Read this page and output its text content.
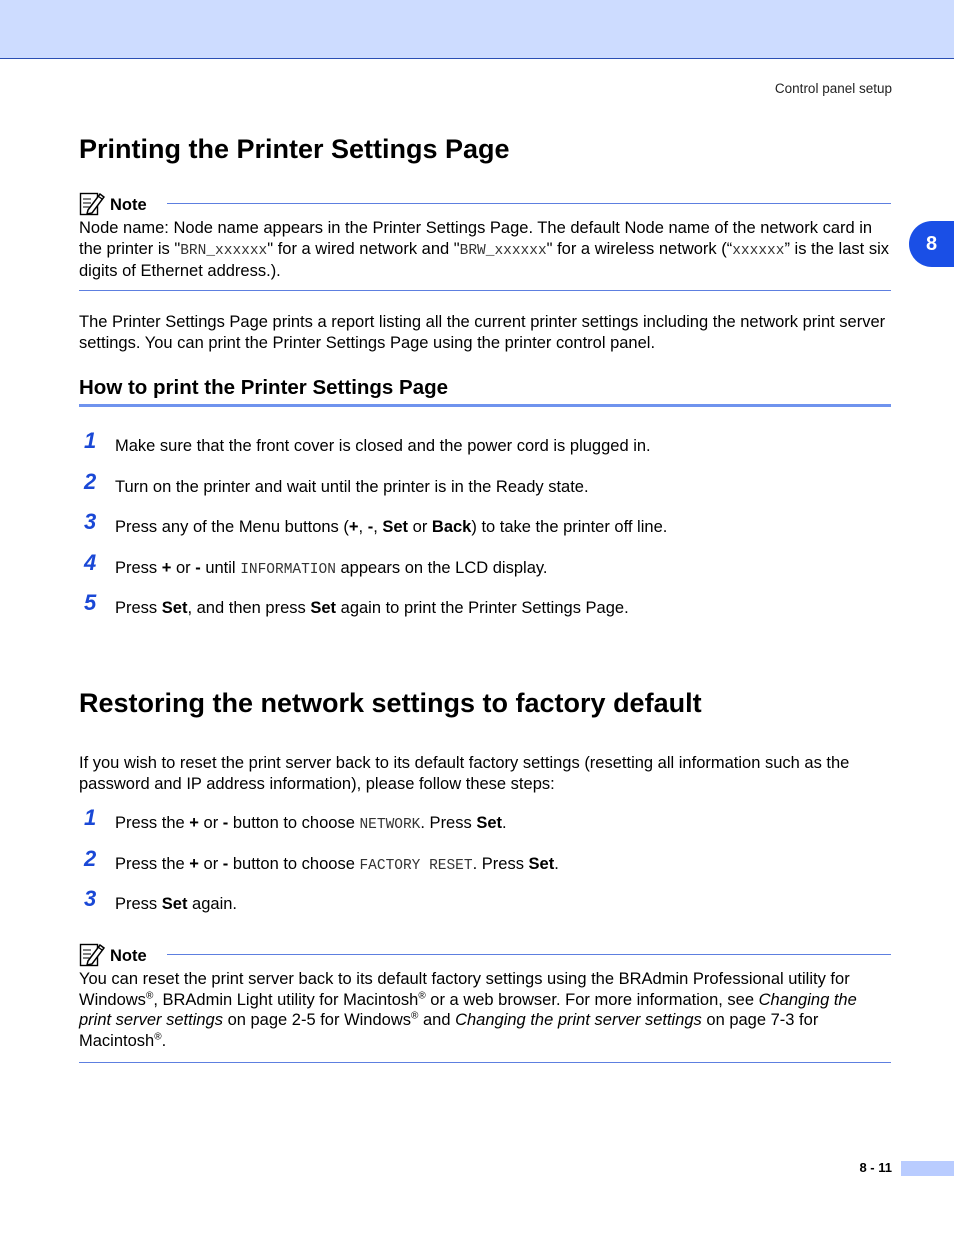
Control panel setup
8
Printing the Printer Settings Page
Note
Node name: Node name appears in the Printer Settings Page. The default Node name of the network card in the printer is "BRN_xxxxxx" for a wired network and "BRW_xxxxxx" for a wireless network (“xxxxxx” is the last six digits of Ethernet address.).

The Printer Settings Page prints a report listing all the current printer settings including the network print server settings. You can print the Printer Settings Page using the printer control panel.

How to print the Printer Settings Page
1 Make sure that the front cover is closed and the power cord is plugged in.
2 Turn on the printer and wait until the printer is in the Ready state.
3 Press any of the Menu buttons (+, -, Set or Back) to take the printer off line.
4 Press + or - until INFORMATION appears on the LCD display.
5 Press Set, and then press Set again to print the Printer Settings Page.
Restoring the network settings to factory default

If you wish to reset the print server back to its default factory settings (resetting all information such as the password and IP address information), please follow these steps:

1 Press the + or - button to choose NETWORK. Press Set.
2 Press the + or - button to choose FACTORY RESET. Press Set.
3 Press Set again.
Note
You can reset the print server back to its default factory settings using the BRAdmin Professional utility for Windows®, BRAdmin Light utility for Macintosh® or a web browser. For more information, see Changing the print server settings on page 2-5 for Windows® and Changing the print server settings on page 7-3 for Macintosh®.
8 - 11
